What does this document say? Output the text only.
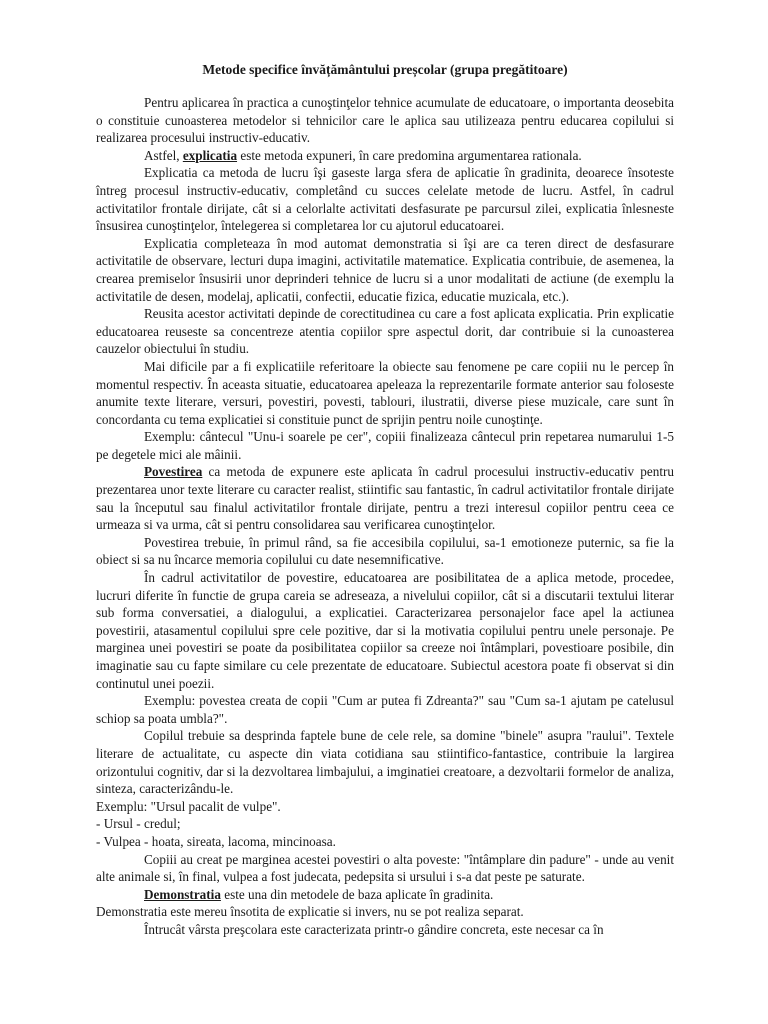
Metode specifice învățământului preșcolar (grupa pregătitoare)

Pentru aplicarea în practica a cunoştinţelor tehnice acumulate de educatoare, o importanta deosebita o constituie cunoasterea metodelor si tehnicilor care le aplica sau utilizeaza pentru educarea copilului si realizarea procesului instructiv-educativ.

Astfel, explicatia este metoda expuneri, în care predomina argumentarea rationala.

Explicatia ca metoda de lucru îşi gaseste larga sfera de aplicatie în gradinita, deoarece însoteste întreg procesul instructiv-educativ, completând cu succes celelate metode de lucru. Astfel, în cadrul activitatilor frontale dirijate, cât si a celorlalte activitati desfasurate pe parcursul zilei, explicatia înlesneste însusirea cunoştinţelor, întelegerea si completarea lor cu ajutorul educatoarei.

Explicatia completeaza în mod automat demonstratia si îşi are ca teren direct de desfasurare activitatile de observare, lecturi dupa imagini, activitatile matematice. Explicatia contribuie, de asemenea, la crearea premiselor însusirii unor deprinderi tehnice de lucru si a unor modalitati de actiune (de exemplu la activitatile de desen, modelaj, aplicatii, confectii, educatie fizica, educatie muzicala, etc.).

Reusita acestor activitati depinde de corectitudinea cu care a fost aplicata explicatia. Prin explicatie educatoarea reuseste sa concentreze atentia copiilor spre aspectul dorit, dar contribuie si la cunoasterea cauzelor obiectului în studiu.

Mai dificile par a fi explicatiile referitoare la obiecte sau fenomene pe care copiii nu le percep în momentul respectiv. În aceasta situatie, educatoarea apeleaza la reprezentarile formate anterior sau foloseste anumite texte literare, versuri, povestiri, povesti, tablouri, ilustratii, diverse piese muzicale, care sunt în concordanta cu tema explicatiei si constituie punct de sprijin pentru noile cunoştinţe.

Exemplu: cântecul "Unu-i soarele pe cer", copiii finalizeaza cântecul prin repetarea numarului 1-5 pe degetele mici ale mâinii.

Povestirea ca metoda de expunere este aplicata în cadrul procesului instructiv-educativ pentru prezentarea unor texte literare cu caracter realist, stiintific sau fantastic, în cadrul activitatilor frontale dirijate sau la începutul sau finalul activitatilor frontale dirijate, pentru a trezi interesul copiilor pentru ceea ce urmeaza si va urma, cât si pentru consolidarea sau verificarea cunoştinţelor.

Povestirea trebuie, în primul rând, sa fie accesibila copilului, sa-1 emotioneze puternic, sa fie la obiect si sa nu încarce memoria copilului cu date nesemnificative.

În cadrul activitatilor de povestire, educatoarea are posibilitatea de a aplica metode, procedee, lucruri diferite în functie de grupa careia se adreseaza, a nivelului copiilor, cât si a discutarii textului literar sub forma conversatiei, a dialogului, a explicatiei. Caracterizarea personajelor face apel la actiunea povestirii, atasamentul copilului spre cele pozitive, dar si la motivatia copilului pentru unele personaje. Pe marginea unei povestiri se poate da posibilitatea copiilor sa creeze noi întâmplari, povestioare posibile, din imaginatie sau cu fapte similare cu cele prezentate de educatoare. Subiectul acestora poate fi observat si din continutul unei poezii.

Exemplu: povestea creata de copii "Cum ar putea fi Zdreanta?" sau "Cum sa-1 ajutam pe catelusul schiop sa poata umbla?".

Copilul trebuie sa desprinda faptele bune de cele rele, sa domine "binele" asupra "raului". Textele literare de actualitate, cu aspecte din viata cotidiana sau stiintifico-fantastice, contribuie la largirea orizontului cognitiv, dar si la dezvoltarea limbajului, a imginatiei creatoare, a dezvoltarii formelor de analiza, sinteza, caracterizându-le.

Exemplu: "Ursul pacalit de vulpe".

- Ursul - credul;

- Vulpea - hoata, sireata, lacoma, mincinoasa.

Copiii au creat pe marginea acestei povestiri o alta poveste: "întâmplare din padure" - unde au venit alte animale si, în final, vulpea a fost judecata, pedepsita si ursului i s-a dat peste pe saturate.

Demonstratia este una din metodele de baza aplicate în gradinita.

Demonstratia este mereu însotita de explicatie si invers, nu se pot realiza separat.

Întrucât vârsta preşcolara este caracterizata printr-o gândire concreta, este necesar ca în
